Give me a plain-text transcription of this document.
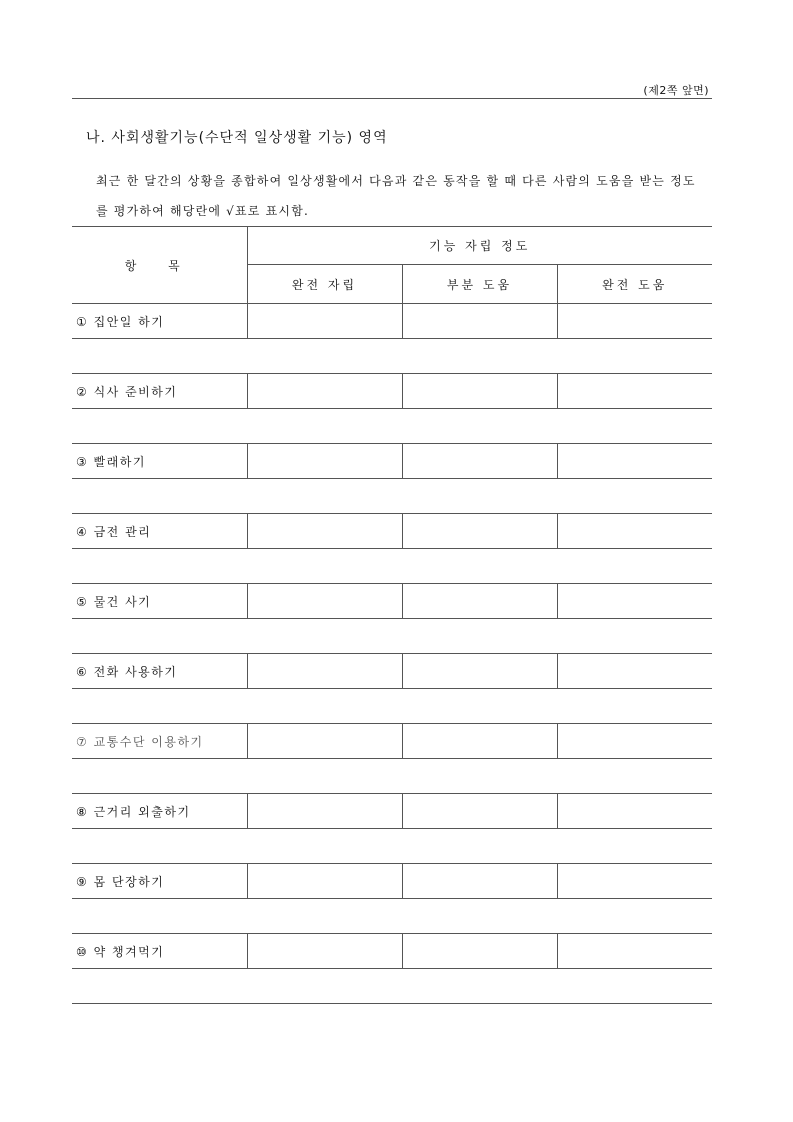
(제2쪽 앞면)
나. 사회생활기능(수단적 일상생활 기능) 영역
최근 한 달간의 상황을 종합하여 일상생활에서 다음과 같은 동작을 할 때 다른 사람의 도움을 받는 정도
를 평가하여 해당란에 √표로 표시함.
항 목	기능 자립 정도		
	완전 자립	부분 도움	완전 도움
① 집안일 하기			

② 식사 준비하기			

③ 빨래하기			

④ 금전 관리			

⑤ 물건 사기			

⑥ 전화 사용하기			

⑦ 교통수단 이용하기			

⑧ 근거리 외출하기			

⑨ 몸 단장하기			

⑩ 약 챙겨먹기			
